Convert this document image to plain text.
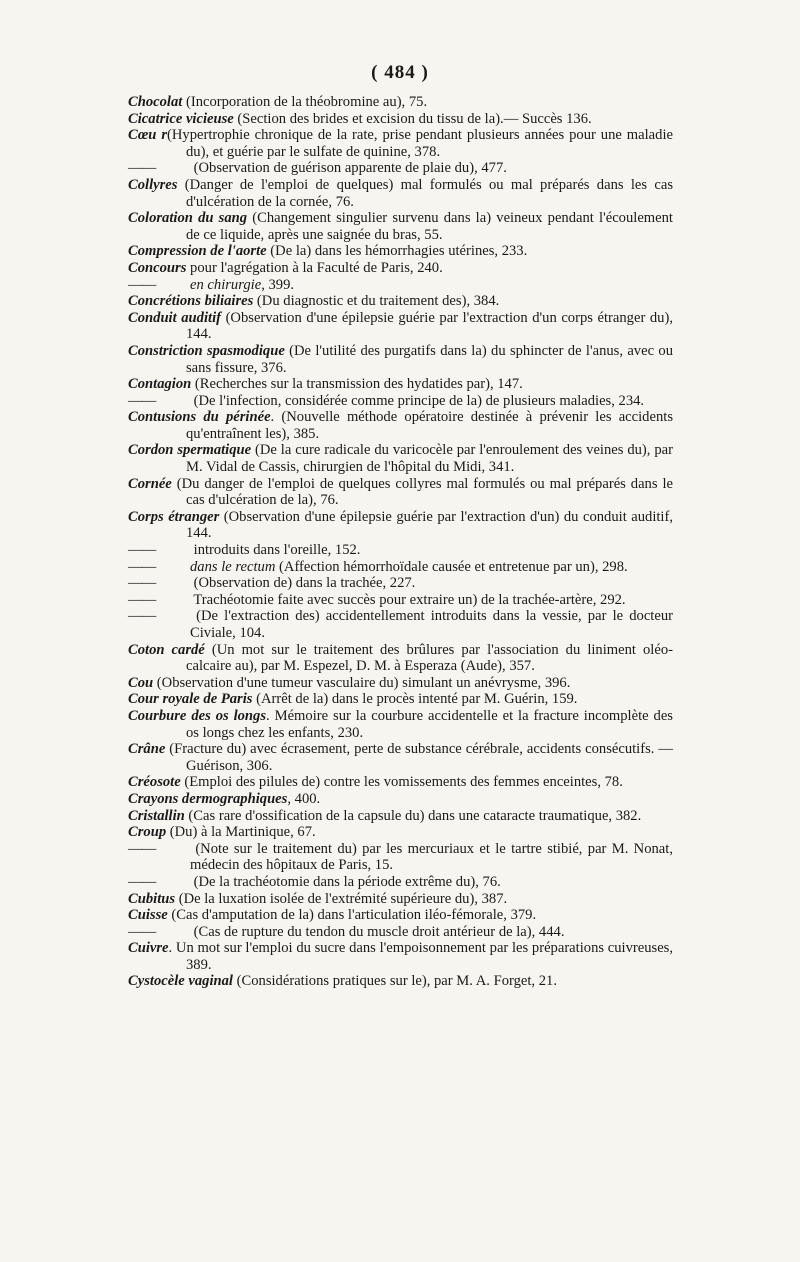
( 484 )

Chocolat (Incorporation de la théobromine au), 75.

Cicatrice vicieuse (Section des brides et excision du tissu de la).— Succès 136.

Cœu r(Hypertrophie chronique de la rate, prise pendant plusieurs années pour une maladie du), et guérie par le sulfate de quinine, 378.

—— (Observation de guérison apparente de plaie du), 477.

Collyres (Danger de l'emploi de quelques) mal formulés ou mal préparés dans les cas d'ulcération de la cornée, 76.

Coloration du sang (Changement singulier survenu dans la) veineux pendant l'écoulement de ce liquide, après une saignée du bras, 55.

Compression de l'aorte (De la) dans les hémorrhagies utérines, 233.

Concours pour l'agrégation à la Faculté de Paris, 240.

—— en chirurgie, 399.

Concrétions biliaires (Du diagnostic et du traitement des), 384.

Conduit auditif (Observation d'une épilepsie guérie par l'extraction d'un corps étranger du), 144.

Constriction spasmodique (De l'utilité des purgatifs dans la) du sphincter de l'anus, avec ou sans fissure, 376.

Contagion (Recherches sur la transmission des hydatides par), 147.

—— (De l'infection, considérée comme principe de la) de plusieurs maladies, 234.

Contusions du périnée. (Nouvelle méthode opératoire destinée à prévenir les accidents qu'entraînent les), 385.

Cordon spermatique (De la cure radicale du varicocèle par l'enroulement des veines du), par M. Vidal de Cassis, chirurgien de l'hôpital du Midi, 341.

Cornée (Du danger de l'emploi de quelques collyres mal formulés ou mal préparés dans le cas d'ulcération de la), 76.

Corps étranger (Observation d'une épilepsie guérie par l'extraction d'un) du conduit auditif, 144.

—— introduits dans l'oreille, 152.

—— dans le rectum (Affection hémorrhoïdale causée et entretenue par un), 298.

—— (Observation de) dans la trachée, 227.

—— Trachéotomie faite avec succès pour extraire un) de la trachée-artère, 292.

—— (De l'extraction des) accidentellement introduits dans la vessie, par le docteur Civiale, 104.

Coton cardé (Un mot sur le traitement des brûlures par l'association du liniment oléo-calcaire au), par M. Espezel, D. M. à Esperaza (Aude), 357.

Cou (Observation d'une tumeur vasculaire du) simulant un anévrysme, 396.

Cour royale de Paris (Arrêt de la) dans le procès intenté par M. Guérin, 159.

Courbure des os longs. Mémoire sur la courbure accidentelle et la fracture incomplète des os longs chez les enfants, 230.

Crâne (Fracture du) avec écrasement, perte de substance cérébrale, accidents consécutifs. — Guérison, 306.

Créosote (Emploi des pilules de) contre les vomissements des femmes enceintes, 78.

Crayons dermographiques, 400.

Cristallin (Cas rare d'ossification de la capsule du) dans une cataracte traumatique, 382.

Croup (Du) à la Martinique, 67.

—— (Note sur le traitement du) par les mercuriaux et le tartre stibié, par M. Nonat, médecin des hôpitaux de Paris, 15.

—— (De la trachéotomie dans la période extrême du), 76.

Cubitus (De la luxation isolée de l'extrémité supérieure du), 387.

Cuisse (Cas d'amputation de la) dans l'articulation iléo-fémorale, 379.

—— (Cas de rupture du tendon du muscle droit antérieur de la), 444.

Cuivre. Un mot sur l'emploi du sucre dans l'empoisonnement par les préparations cuivreuses, 389.

Cystocèle vaginal (Considérations pratiques sur le), par M. A. Forget, 21.
